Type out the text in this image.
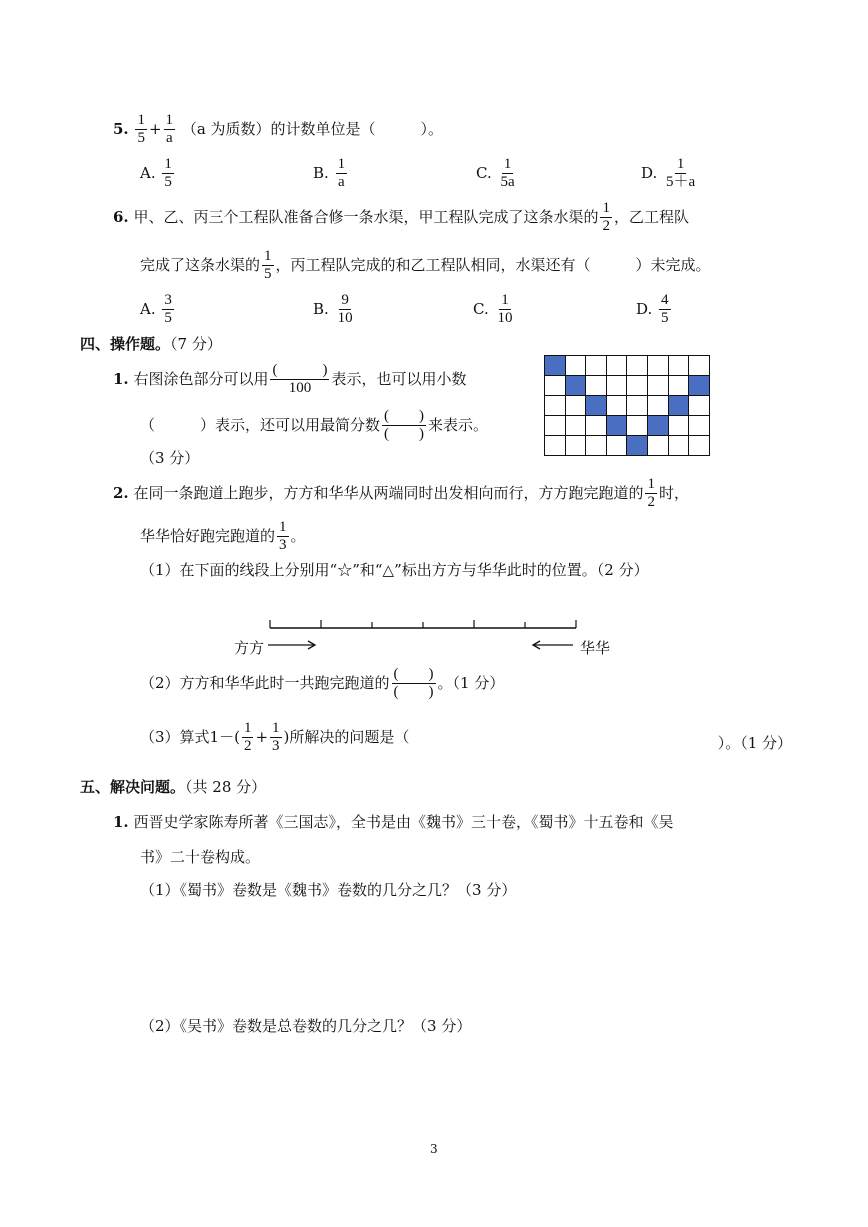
5. $\frac{1}{5} + \frac{1}{a} (a$ 为质数）的计数单位是（　　　）。
A. $\frac{1}{5}$	B. $\frac{1}{a}$	C. $\frac{1}{5a}$	D. $\frac{1}{5+a}$
6. 甲、乙、丙三个工程队准备合修一条水渠，甲工程队完成了这条水渠的 $\frac{1}{2}$ ，乙工程队
完成了这条水渠的 $\frac{1}{5}$ ，丙工程队完成的和乙工程队相同，水渠还有（　　　）未完成。
A. $\frac{3}{5}$	B. $\frac{9}{10}$	C. $\frac{1}{10}$	D. $\frac{4}{5}$
四、操作题。（7 分）
1. 右图涂色部分可以用 $\frac{( )}{100}$ 表示，也可以用小数
（　　　）表示，还可以用最简分数 $\frac{( )}{( )}$ 来表示。
（3 分）
2. 在同一条跑道上跑步，方方和华华从两端同时出发相向而行，方方跑完跑道的 $\frac{1}{2}$ 时，
华华恰好跑完跑道的 $\frac{1}{3}$ 。
（1）在下面的线段上分别用“☆”和“△”标出方方与华华此时的位置。（2 分）
方方	华华
（2）方方和华华此时一共跑完跑道的 $\frac{( )}{( )}$ 。（1 分）
（3）算式$1-( \frac{1}{2} + \frac{1}{3}$ )所解决的问题是（	）。（1 分）
五、解决问题。（共 28 分）
1. 西晋史学家陈寿所著《三国志》，全书是由《魏书》三十卷，《蜀书》十五卷和《吴
书》二十卷构成。
（1）《蜀书》卷数是《魏书》卷数的几分之几？（3 分）
（2）《吴书》卷数是总卷数的几分之几？（3 分）
3
